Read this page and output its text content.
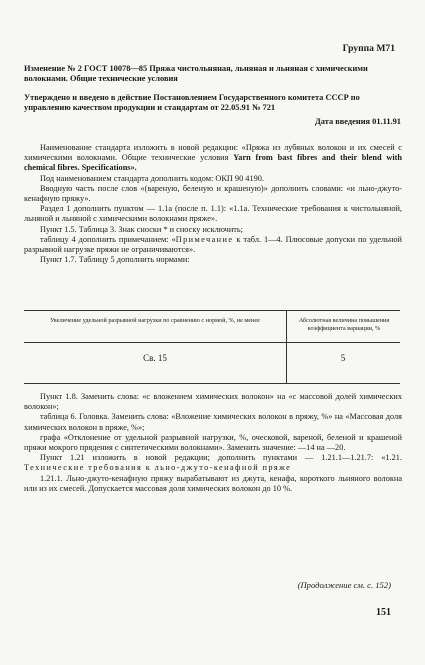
Группа М71
Изменение № 2 ГОСТ 10078—85 Пряжа чистольняная, льняная и льняная с химическими волокнами. Общие технические условия
Утверждено и введено в действие Постановлением Государственного комитета СССР по управлению качеством продукции и стандартам от 22.05.91 № 721
Дата введения 01.11.91

Наименование стандарта изложить в новой редакции: «Пряжа из лубяных волокон и их смесей с химическими волокнами. Общие технические условия Yarn from bast fibres and their blend with chemical fibres. Specifications».

Под наименованием стандарта дополнить кодом: ОКП 90 4190.

Вводную часть после слов «(вареную, беленую и крашеную)» дополнить словами: «и льно-джуто-кенафную пряжу».

Раздел 1 дополнить пунктом — 1.1а (после п. 1.1): «1.1а. Технические требования к чистольняной, льняной и льняной с химическими волокнами пряже».

Пункт 1.5. Таблица 3. Знак сноски * и сноску исключить;

таблицу 4 дополнить примечанием: «Примечание к табл. 1—4. Плюсовые допуски по удельной разрывной нагрузке пряжи не ограничиваются».

Пункт 1.7. Таблицу 5 дополнить нормами:

Увеличение удельной разрывной нагрузки по сравнению с нормой, %, не менее	Абсолютная величина повышения коэффициента вариации, %
Св. 15	5

Пункт 1.8. Заменить слова: «с вложением химических волокон» на «с массовой долей химических волокон»;

таблица 6. Головка. Заменить слова: «Вложение химических волокон в пряжу, %» на «Массовая доля химических волокон в пряже, %»;

графа «Отклонение от удельной разрывной нагрузки, %, оческовой, вареной, беленой и крашеной пряжи мокрого прядения с синтетическими волокнами». Заменить значение: —14 на —20.

Пункт 1.21 изложить в новой редакции; дополнить пунктами — 1.21.1—1.21.7: «1.21. Технические требования к льно-джуто-кенафной пряже

1.21.1. Льно-джуто-кенафную пряжу вырабатывают из джута, кенафа, короткого льняного волокна или из их смесей. Допускается массовая доля химических волокон до 10 %.

(Продолжение см. с. 152)
151
